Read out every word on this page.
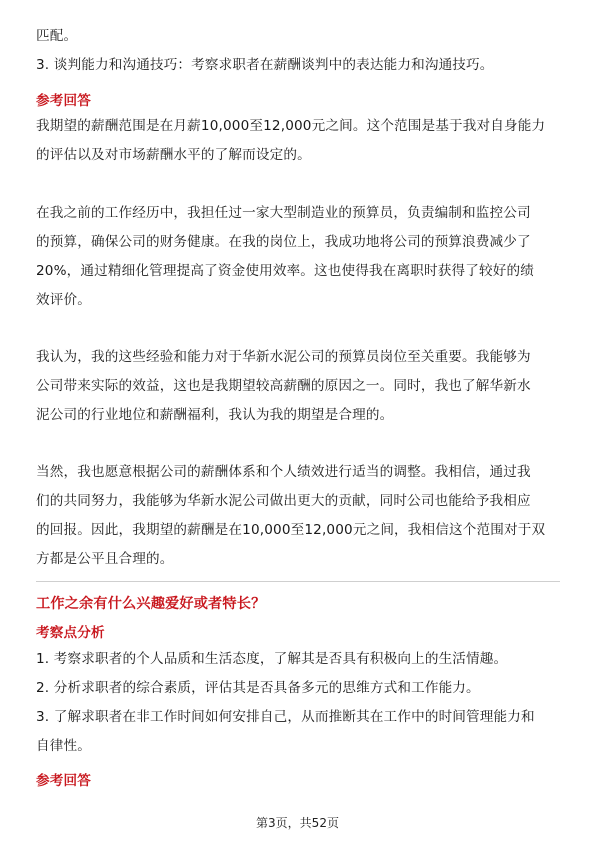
匹配。
3. 谈判能力和沟通技巧：考察求职者在薪酬谈判中的表达能力和沟通技巧。
参考回答
我期望的薪酬范围是在月薪10,000至12,000元之间。这个范围是基于我对自身能力
的评估以及对市场薪酬水平的了解而设定的。
在我之前的工作经历中，我担任过一家大型制造业的预算员，负责编制和监控公司
的预算，确保公司的财务健康。在我的岗位上，我成功地将公司的预算浪费减少了
20%，通过精细化管理提高了资金使用效率。这也使得我在离职时获得了较好的绩
效评价。
我认为，我的这些经验和能力对于华新水泥公司的预算员岗位至关重要。我能够为
公司带来实际的效益，这也是我期望较高薪酬的原因之一。同时，我也了解华新水
泥公司的行业地位和薪酬福利，我认为我的期望是合理的。
当然，我也愿意根据公司的薪酬体系和个人绩效进行适当的调整。我相信，通过我
们的共同努力，我能够为华新水泥公司做出更大的贡献，同时公司也能给予我相应
的回报。因此，我期望的薪酬是在10,000至12,000元之间，我相信这个范围对于双
方都是公平且合理的。
工作之余有什么兴趣爱好或者特长？
考察点分析
1. 考察求职者的个人品质和生活态度，了解其是否具有积极向上的生活情趣。
2. 分析求职者的综合素质，评估其是否具备多元的思维方式和工作能力。
3. 了解求职者在非工作时间如何安排自己，从而推断其在工作中的时间管理能力和
自律性。
参考回答
第3页，共52页
